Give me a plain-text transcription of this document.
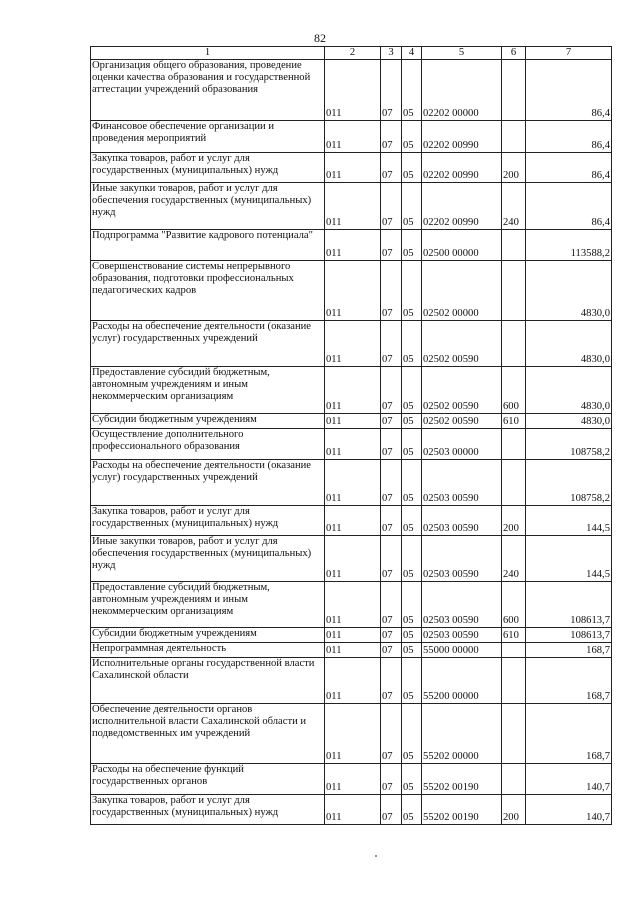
82
1	2	3	4	5	6	7

Организация общего образования, проведение оценки качества образования и государственной аттестации учреждений образования	011	07	05	02202 00000		86,4

Финансовое обеспечение организации и проведения мероприятий	011	07	05	02202 00990		86,4

Закупка товаров, работ и услуг для государственных (муниципальных) нужд	011	07	05	02202 00990	200	86,4

Иные закупки товаров, работ и услуг для обеспечения государственных (муниципальных) нужд	011	07	05	02202 00990	240	86,4

Подпрограмма "Развитие кадрового потенциала"	011	07	05	02500 00000		113588,2

Совершенствование системы непрерывного образования, подготовки профессиональных педагогических кадров	011	07	05	02502 00000		4830,0

Расходы на обеспечение деятельности (оказание услуг) государственных учреждений	011	07	05	02502 00590		4830,0

Предоставление субсидий бюджетным, автономным учреждениям и иным некоммерческим организациям	011	07	05	02502 00590	600	4830,0

Субсидии бюджетным учреждениям	011	07	05	02502 00590	610	4830,0

Осуществление дополнительного профессионального образования	011	07	05	02503 00000		108758,2

Расходы на обеспечение деятельности (оказание услуг) государственных учреждений	011	07	05	02503 00590		108758,2

Закупка товаров, работ и услуг для государственных (муниципальных) нужд	011	07	05	02503 00590	200	144,5

Иные закупки товаров, работ и услуг для обеспечения государственных (муниципальных) нужд	011	07	05	02503 00590	240	144,5

Предоставление субсидий бюджетным, автономным учреждениям и иным некоммерческим организациям	011	07	05	02503 00590	600	108613,7

Субсидии бюджетным учреждениям	011	07	05	02503 00590	610	108613,7

Непрограммная деятельность	011	07	05	55000 00000		168,7

Исполнительные органы государственной власти Сахалинской области	011	07	05	55200 00000		168,7

Обеспечение деятельности органов исполнительной власти Сахалинской области и подведомственных им учреждений	011	07	05	55202 00000		168,7

Расходы на обеспечение функций государственных органов	011	07	05	55202 00190		140,7

Закупка товаров, работ и услуг для государственных (муниципальных) нужд	011	07	05	55202 00190	200	140,7
